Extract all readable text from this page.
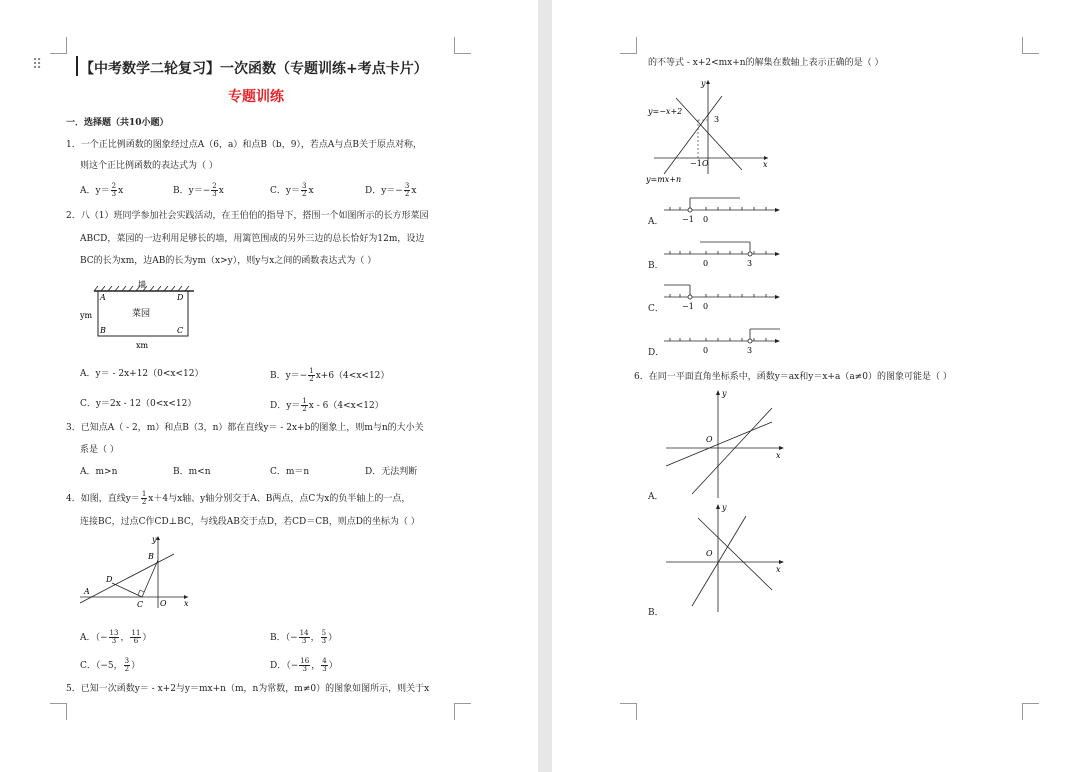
⠿	【中考数学二轮复习】一次函数（专题训练+考点卡片）
专题训练
一．选择题（共10小题）
1．一个正比例函数的图象经过点A（6，a）和点B（b，9），若点A与点B关于原点对称，
则这个正比例函数的表达式为（ ）
A．$y= \frac{2}{3}$ x	B．$y=- \frac{2}{3}$ x	C．$y= \frac{3}{2}$ x	D．$y=- \frac{3}{2}$ x
2．八（1）班同学参加社会实践活动，在王伯伯的指导下，搭围一个如图所示的长方形菜园
ABCD，菜园的一边利用足够长的墙，用篱笆围成的另外三边的总长恰好为12m，设边
BC的长为xm，边AB的长为ym（x>y），则y与x之间的函数表达式为（ ）
墙
菜园
A
B	C
D
ym
xm
A．y＝ - 2x+12（0<x<12）	B．$y=- \frac{1}{2} x+6(4<x<12)$
C．y＝2x - 12（0<x<12）	D．$y= \frac{1}{2}$ x - 6（4<x<12）
3．已知点A（ - 2，m）和点B（3，n）都在直线y＝ - 2x+b的图象上，则m与n的大小关
系是（ ）
A．m>n	B．m<n	C．m＝n	D．无法判断
4．如图，直线$y= \frac{1}{2} x+4$与x轴、y轴分别交于A、B两点，点C为x的负半轴上的一点，
连接BC，过点C作CD⊥BC，与线段AB交于点D，若CD＝CB，则点D的坐标为（ ）
y
x
A
B
C
D
O
A．（− $\frac{13}{3}$ ， $\frac{11}{6}$ ）	B．（− $\frac{14}{3}$ ， $\frac{5}{3}$ ）
C．（−5， $\frac{3}{2}$ ）	D．（− $\frac{16}{3}$ ， $\frac{4}{3}$ ）
5．已知一次函数y＝ - x+2与y＝mx+n（m，n为常数，m≠0）的图象如图所示，则关于x
的不等式 - x+2<mx+n的解集在数轴上表示正确的是（ ）
y=−x+2
y=mx+n
3
−1 O	x
y
A． −1 0
B．	0	3
C． −1 0
D．	0	3
6．在同一平面直角坐标系中，函数y＝ax和y＝x+a（a≠0）的图象可能是（ ）
A．
O
x
y
B．
O
x
y
